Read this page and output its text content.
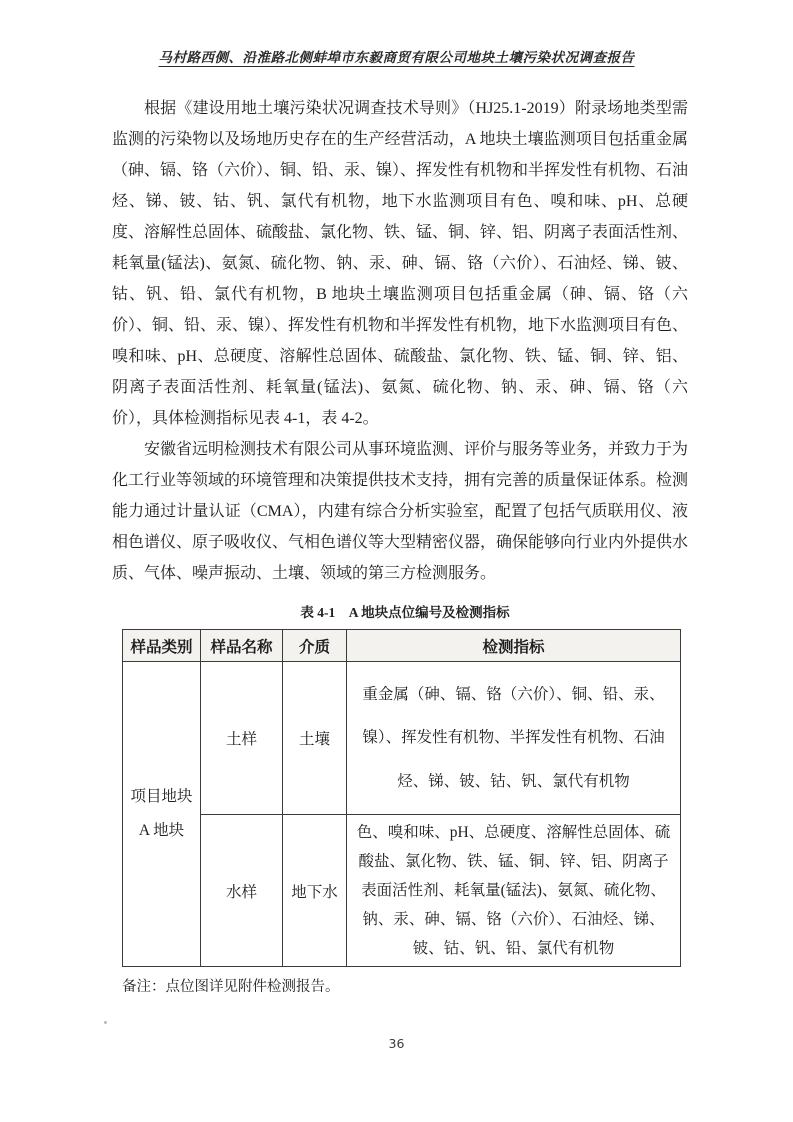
马村路西侧、沿淮路北侧蚌埠市东毅商贸有限公司地块土壤污染状况调查报告

根据《建设用地土壤污染状况调查技术导则》（HJ25.1-2019）附录场地类型需监测的污染物以及场地历史存在的生产经营活动，A 地块土壤监测项目包括重金属（砷、镉、铬（六价）、铜、铅、汞、镍）、挥发性有机物和半挥发性有机物、石油烃、锑、铍、钴、钒、氯代有机物，地下水监测项目有色、嗅和味、pH、总硬度、溶解性总固体、硫酸盐、氯化物、铁、锰、铜、锌、铝、阴离子表面活性剂、耗氧量(锰法)、氨氮、硫化物、钠、汞、砷、镉、铬（六价）、石油烃、锑、铍、钴、钒、铅、氯代有机物，B 地块土壤监测项目包括重金属（砷、镉、铬（六价）、铜、铅、汞、镍）、挥发性有机物和半挥发性有机物，地下水监测项目有色、嗅和味、pH、总硬度、溶解性总固体、硫酸盐、氯化物、铁、锰、铜、锌、铝、阴离子表面活性剂、耗氧量(锰法)、氨氮、硫化物、钠、汞、砷、镉、铬（六价），具体检测指标见表 4-1，表 4-2。

安徽省远明检测技术有限公司从事环境监测、评价与服务等业务，并致力于为化工行业等领域的环境管理和决策提供技术支持，拥有完善的质量保证体系。检测能力通过计量认证（CMA），内建有综合分析实验室，配置了包括气质联用仪、液相色谱仪、原子吸收仪、气相色谱仪等大型精密仪器，确保能够向行业内外提供水质、气体、噪声振动、土壤、领域的第三方检测服务。

表 4-1　A 地块点位编号及检测指标
样品类别	样品名称	介质	检测指标

项目地块
A 地块	土样	土壤	重金属（砷、镉、铬（六价）、铜、铅、汞、镍）、挥发性有机物、半挥发性有机物、石油烃、锑、铍、钴、钒、氯代有机物
	水样	地下水	色、嗅和味、pH、总硬度、溶解性总固体、硫酸盐、氯化物、铁、锰、铜、锌、铝、阴离子表面活性剂、耗氧量(锰法)、氨氮、硫化物、钠、汞、砷、镉、铬（六价）、石油烃、锑、铍、钴、钒、铅、氯代有机物
备注：点位图详见附件检测报告。
36
